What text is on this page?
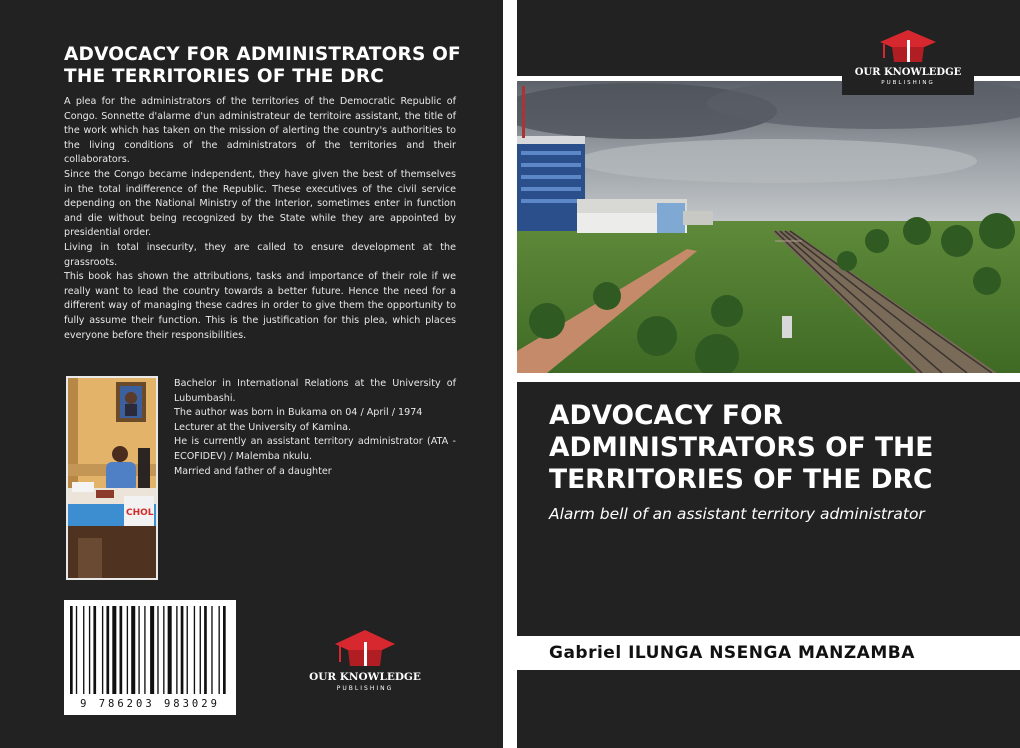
ADVOCACY FOR ADMINISTRATORS OF THE TERRITORIES OF THE DRC

A plea for the administrators of the territories of the Democratic Republic of Congo. Sonnette d'alarme d'un administrateur de territoire assistant, the title of the work which has taken on the mission of alerting the country's authorities to the living conditions of the administrators of the territories and their collaborators.

Since the Congo became independent, they have given the best of themselves in the total indifference of the Republic. These executives of the civil service depending on the National Ministry of the Interior, sometimes enter in function and die without being recognized by the State while they are appointed by presidential order.

Living in total insecurity, they are called to ensure development at the grassroots.

This book has shown the attributions, tasks and importance of their role if we really want to lead the country towards a better future. Hence the need for a different way of managing these cadres in order to give them the opportunity to fully assume their function. This is the justification for this plea, which places everyone before their responsibilities.

CHOL
Bachelor in International Relations at the University of Lubumbashi.
The author was born in Bukama on 04 / April / 1974
Lecturer at the University of Kamina.
He is currently an assistant territory administrator (ATA - ECOFIDEV) / Malemba nkulu.
Married and father of a daughter
9 786203 983029
OUR KNOWLEDGE
PUBLISHING
OUR KNOWLEDGE
PUBLISHING
ADVOCACY FOR ADMINISTRATORS OF THE TERRITORIES OF THE DRC
Alarm bell of an assistant territory administrator
Gabriel ILUNGA NSENGA MANZAMBA
